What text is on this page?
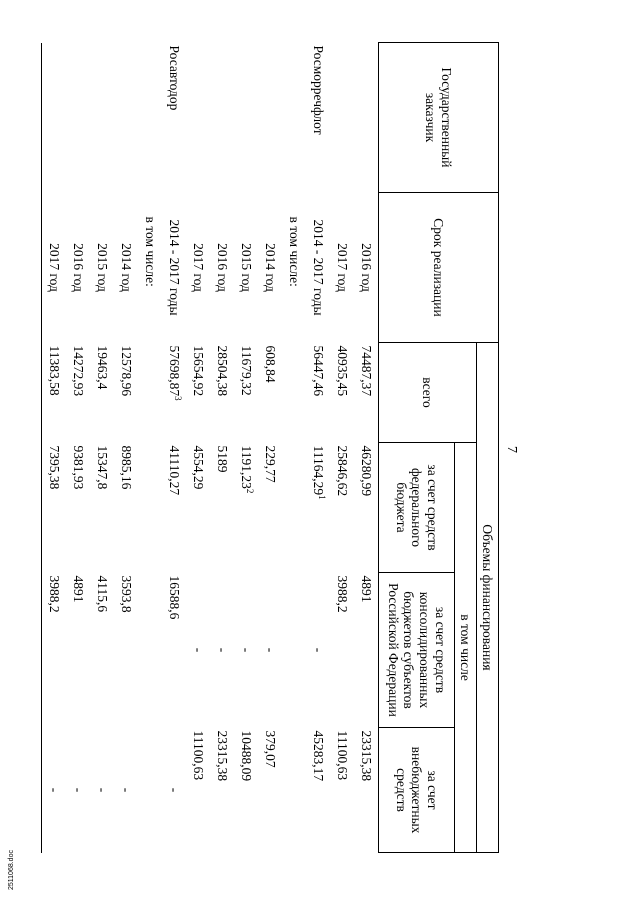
7
Государственный заказчик	Срок реализации	Объемы финансирования			
		всего	в том числе		
			за счет средств федерального бюджета	за счет средств консолидированных бюджетов субъектов Российской Федерации	за счет внебюджетных средств
	2016 год	74487,37	46280,99	4891	23315,38
	2017 год	40935,45	25846,62	3988,2	11100,63
Росморречфлот	2014 - 2017 годы	56447,46	11164,29$^1$	-	45283,17
	в том числе:				
	2014 год	608,84	229,77	-	379,07
	2015 год	11679,32	1191,23$^2$	-	10488,09
	2016 год	28504,38	5189	-	23315,38
	2017 год	15654,92	4554,29	-	11100,63
Росавтодор	2014 - 2017 годы	57698,87$^3$	41110,27	16588,6	-
	в том числе:				
	2014 год	12578,96	8985,16	3593,8	-
	2015 год	19463,4	15347,8	4115,6	-
	2016 год	14272,93	9381,93	4891	-
	2017 год	11383,58	7395,38	3988,2	-
2511068.doc
